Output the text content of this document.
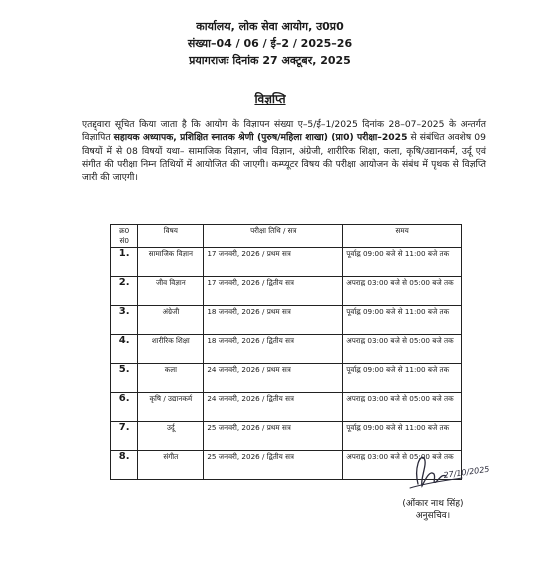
कार्यालय, लोक सेवा आयोग, उ0प्र0
संख्या–04 / 06 / ई–2 / 2025–26
प्रयागराजः दिनांक 27 अक्टूबर, 2025
विज्ञप्ति
एतद्द्वारा सूचित किया जाता है कि आयोग के विज्ञापन संख्या ए–5/ई–1/2025 दिनांक 28–07–2025 के अन्तर्गत विज्ञापित सहायक अध्यापक, प्रशिक्षित स्नातक श्रेणी (पुरुष/महिला शाखा) (प्रा0) परीक्षा–2025 से संबंधित अवशेष 09 विषयों में से 08 विषयों यथा– सामाजिक विज्ञान, जीव विज्ञान, अंग्रेजी, शारीरिक शिक्षा, कला, कृषि/उद्यानकर्म, उर्दू एवं संगीत की परीक्षा निम्न तिथियों में आयोजित की जाएगी। कम्प्यूटर विषय की परीक्षा आयोजन के संबंध में पृथक से विज्ञप्ति जारी की जाएगी।
क्र0 सं0	विषय	परीक्षा तिथि / सत्र	समय
1.	सामाजिक विज्ञान	17 जनवरी, 2026 / प्रथम सत्र	पूर्वाह्न 09:00 बजे से 11:00 बजे तक
2.	जीव विज्ञान	17 जनवरी, 2026 / द्वितीय सत्र	अपराह्न 03:00 बजे से 05:00 बजे तक
3.	अंग्रेजी	18 जनवरी, 2026 / प्रथम सत्र	पूर्वाह्न 09:00 बजे से 11:00 बजे तक
4.	शारीरिक शिक्षा	18 जनवरी, 2026 / द्वितीय सत्र	अपराह्न 03:00 बजे से 05:00 बजे तक
5.	कला	24 जनवरी, 2026 / प्रथम सत्र	पूर्वाह्न 09:00 बजे से 11:00 बजे तक
6.	कृषि / उद्यानकर्म	24 जनवरी, 2026 / द्वितीय सत्र	अपराह्न 03:00 बजे से 05:00 बजे तक
7.	उर्दू	25 जनवरी, 2026 / प्रथम सत्र	पूर्वाह्न 09:00 बजे से 11:00 बजे तक
8.	संगीत	25 जनवरी, 2026 / द्वितीय सत्र	अपराह्न 03:00 बजे से 05:00 बजे तक
27/10/2025
(ओंकार नाथ सिंह)
अनुसचिव।
